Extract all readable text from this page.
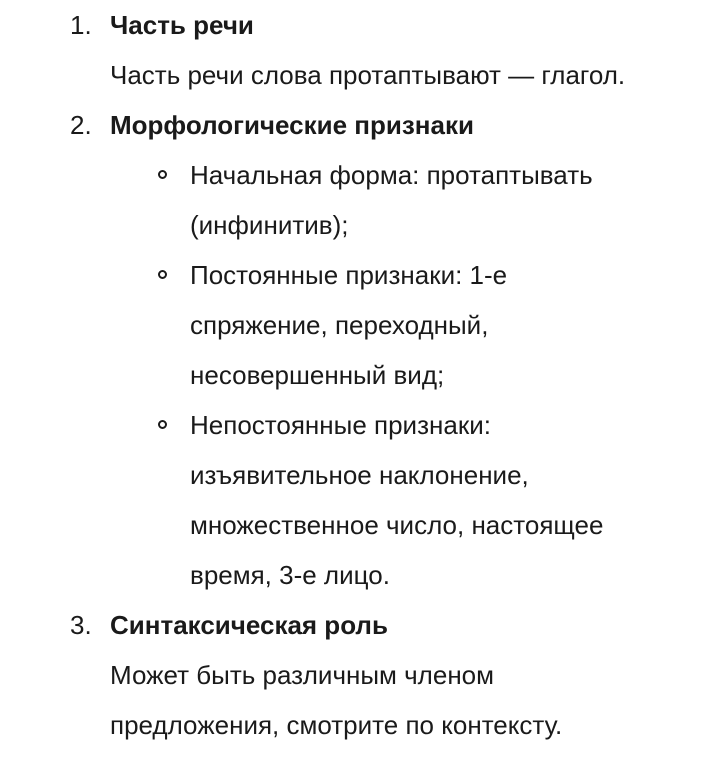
1. Часть речи
Часть речи слова протаптывают — глагол.
2. Морфологические признаки
Начальная форма: протаптывать
(инфинитив);
Постоянные признаки: 1-е
спряжение, переходный,
несовершенный вид;
Непостоянные признаки:
изъявительное наклонение,
множественное число, настоящее
время, 3-е лицо.
3. Синтаксическая роль
Может быть различным членом
предложения, смотрите по контексту.
